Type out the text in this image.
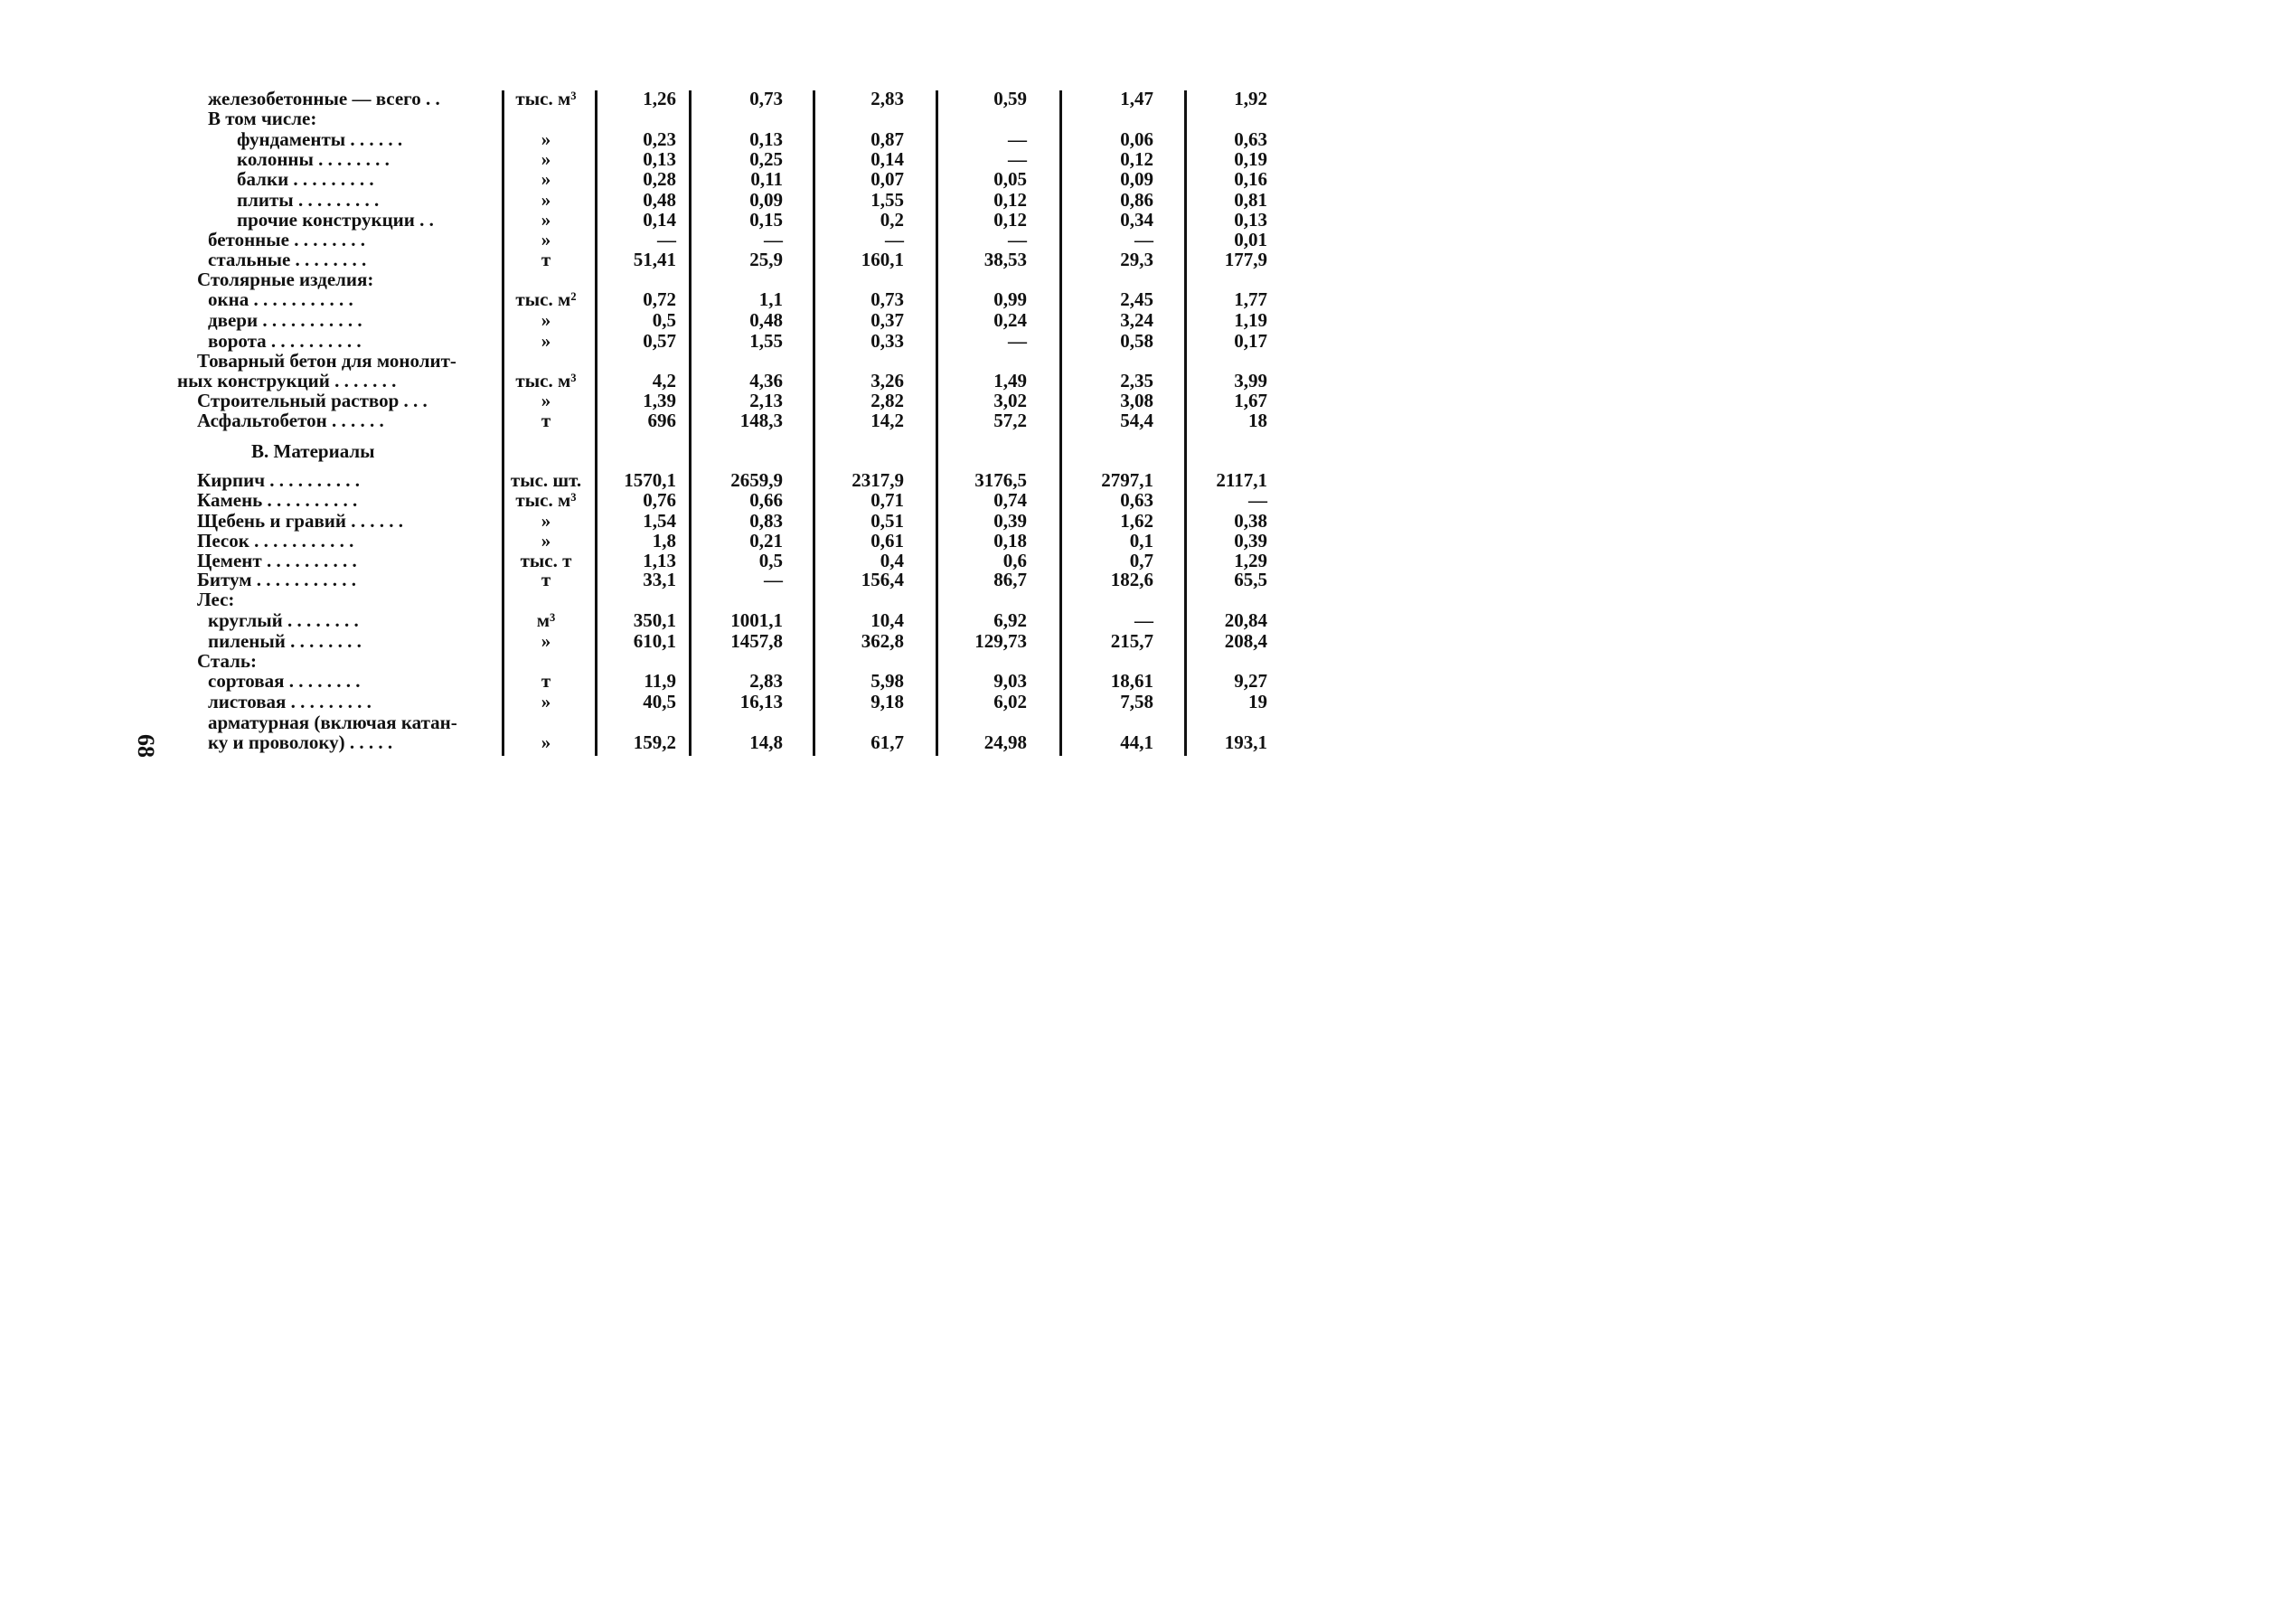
68
В. Материалы
железобетонные — всего . .	тыс. м³	1,26	0,73	2,83	0,59	1,47	1,92
В том числе:
фундаменты . . . . . .	»	0,23	0,13	0,87	—	0,06	0,63
колонны . . . . . . . .	»	0,13	0,25	0,14	—	0,12	0,19
балки . . . . . . . . .	»	0,28	0,11	0,07	0,05	0,09	0,16
плиты . . . . . . . . .	»	0,48	0,09	1,55	0,12	0,86	0,81
прочие конструкции . .	»	0,14	0,15	0,2	0,12	0,34	0,13
бетонные . . . . . . . .	»	—	—	—	—	—	0,01
стальные . . . . . . . .	т	51,41	25,9	160,1	38,53	29,3	177,9
Столярные изделия:
окна . . . . . . . . . . .	тыс. м²	0,72	1,1	0,73	0,99	2,45	1,77
двери . . . . . . . . . . .	»	0,5	0,48	0,37	0,24	3,24	1,19
ворота . . . . . . . . . .	»	0,57	1,55	0,33	—	0,58	0,17
Товарный бетон для монолит-
ных конструкций . . . . . . .	тыс. м³	4,2	4,36	3,26	1,49	2,35	3,99
Строительный раствор . . .	»	1,39	2,13	2,82	3,02	3,08	1,67
Асфальтобетон . . . . . .	т	696	148,3	14,2	57,2	54,4	18
Кирпич . . . . . . . . . .	тыс. шт.	1570,1	2659,9	2317,9	3176,5	2797,1	2117,1
Камень . . . . . . . . . .	тыс. м³	0,76	0,66	0,71	0,74	0,63	—
Щебень и гравий . . . . . .	»	1,54	0,83	0,51	0,39	1,62	0,38
Песок . . . . . . . . . . .	»	1,8	0,21	0,61	0,18	0,1	0,39
Цемент . . . . . . . . . .	тыс. т	1,13	0,5	0,4	0,6	0,7	1,29
Битум . . . . . . . . . . .	т	33,1	—	156,4	86,7	182,6	65,5
Лес:
круглый . . . . . . . .	м³	350,1	1001,1	10,4	6,92	—	20,84
пиленый . . . . . . . .	»	610,1	1457,8	362,8	129,73	215,7	208,4
Сталь:
сортовая . . . . . . . .	т	11,9	2,83	5,98	9,03	18,61	9,27
листовая . . . . . . . . .	»	40,5	16,13	9,18	6,02	7,58	19
арматурная (включая катан-
ку и проволоку) . . . . .	»	159,2	14,8	61,7	24,98	44,1	193,1
